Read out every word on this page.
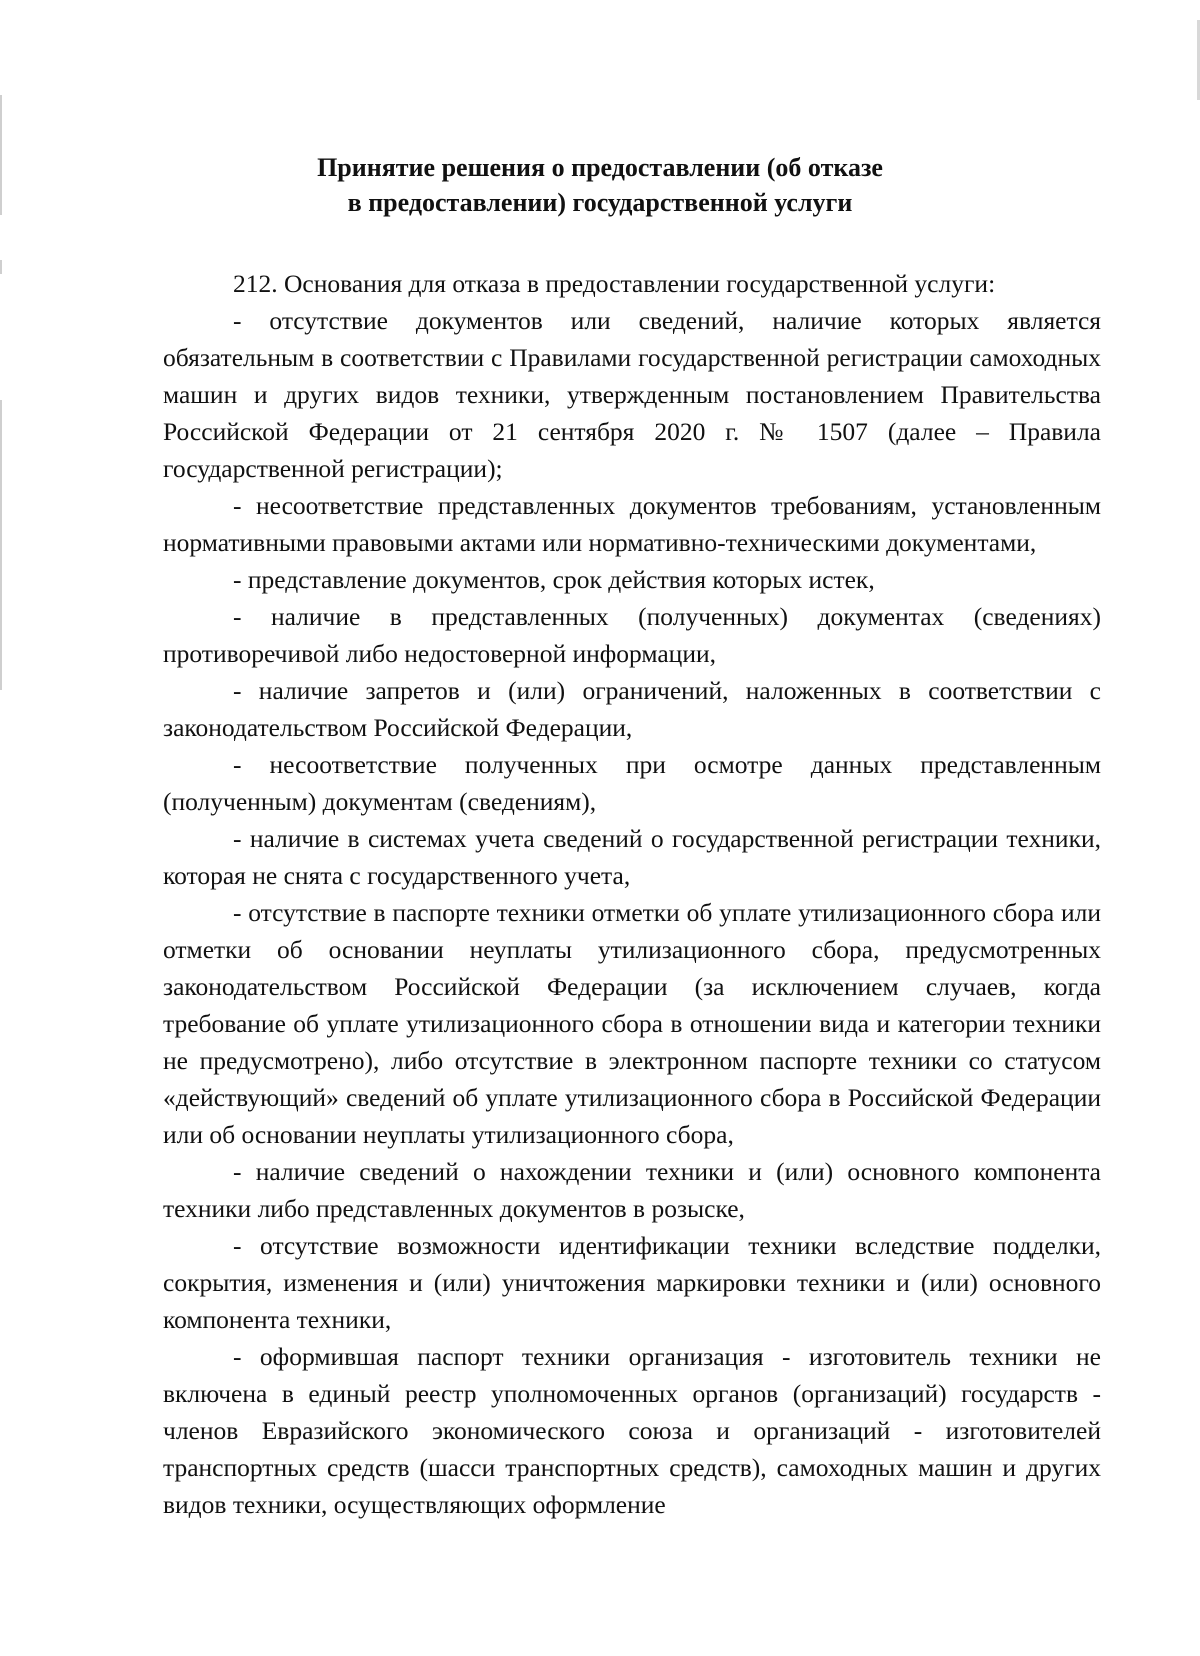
Принятие решения о предоставлении (об отказе
в предоставлении) государственной услуги

212. Основания для отказа в предоставлении государственной услуги:

- отсутствие документов или сведений, наличие которых является обязательным в соответствии с Правилами государственной регистрации самоходных машин и других видов техники, утвержденным постановлением Правительства Российской Федерации от 21 сентября 2020 г. № 1507 (далее – Правила государственной регистрации);

- несоответствие представленных документов требованиям, установленным нормативными правовыми актами или нормативно-техническими документами,

- представление документов, срок действия которых истек,

- наличие в представленных (полученных) документах (сведениях) противоречивой либо недостоверной информации,

- наличие запретов и (или) ограничений, наложенных в соответствии с законодательством Российской Федерации,

- несоответствие полученных при осмотре данных представленным (полученным) документам (сведениям),

- наличие в системах учета сведений о государственной регистрации техники, которая не снята с государственного учета,

- отсутствие в паспорте техники отметки об уплате утилизационного сбора или отметки об основании неуплаты утилизационного сбора, предусмотренных законодательством Российской Федерации (за исключением случаев, когда требование об уплате утилизационного сбора в отношении вида и категории техники не предусмотрено), либо отсутствие в электронном паспорте техники со статусом «действующий» сведений об уплате утилизационного сбора в Российской Федерации или об основании неуплаты утилизационного сбора,

- наличие сведений о нахождении техники и (или) основного компонента техники либо представленных документов в розыске,

- отсутствие возможности идентификации техники вследствие подделки, сокрытия, изменения и (или) уничтожения маркировки техники и (или) основного компонента техники,

- оформившая паспорт техники организация - изготовитель техники не включена в единый реестр уполномоченных органов (организаций) государств - членов Евразийского экономического союза и организаций - изготовителей транспортных средств (шасси транспортных средств), самоходных машин и других видов техники, осуществляющих оформление
